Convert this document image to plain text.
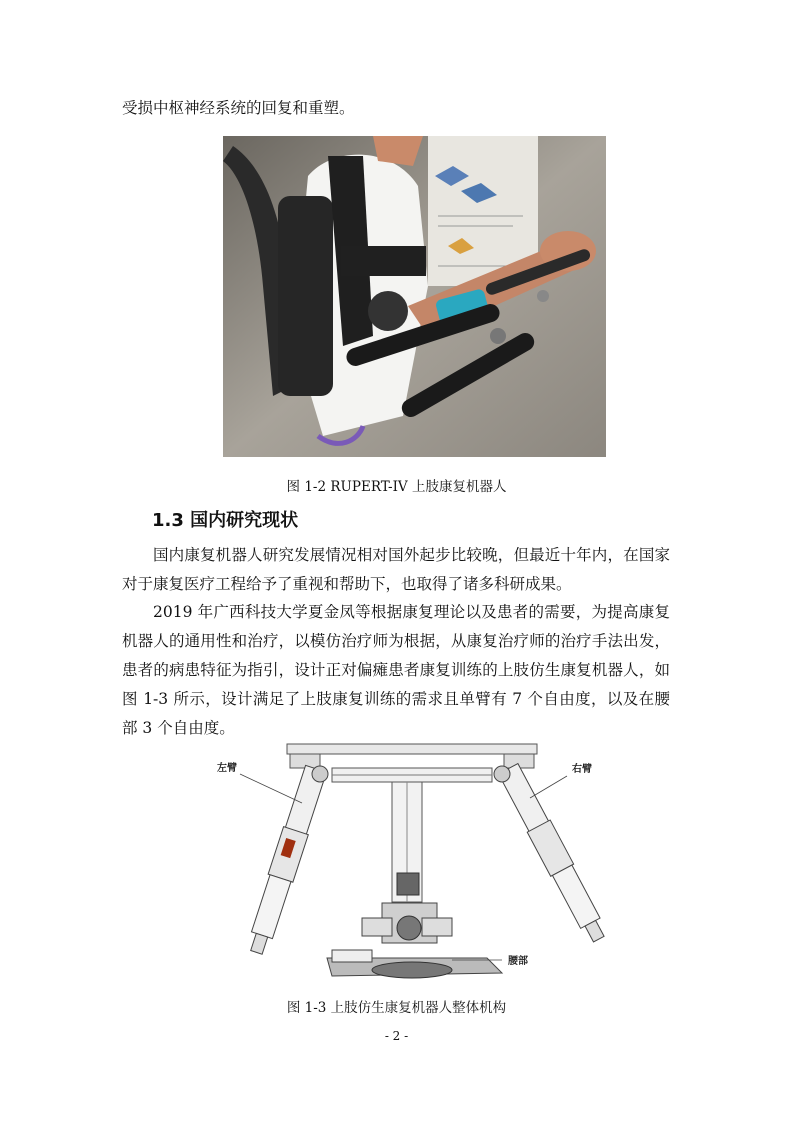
受损中枢神经系统的回复和重塑。

图 1-2 RUPERT-IV 上肢康复机器人
1.3 国内研究现状

国内康复机器人研究发展情况相对国外起步比较晚，但最近十年内，在国家对于康复医疗工程给予了重视和帮助下，也取得了诸多科研成果。

2019 年广西科技大学夏金凤等根据康复理论以及患者的需要，为提高康复机器人的通用性和治疗，以模仿治疗师为根据，从康复治疗师的治疗手法出发，患者的病患特征为指引，设计正对偏瘫患者康复训练的上肢仿生康复机器人，如图 1-3 所示，设计满足了上肢康复训练的需求且单臂有 7 个自由度，以及在腰部 3 个自由度。

左臂	右臂
腰部
图 1-3 上肢仿生康复机器人整体机构
- 2 -
